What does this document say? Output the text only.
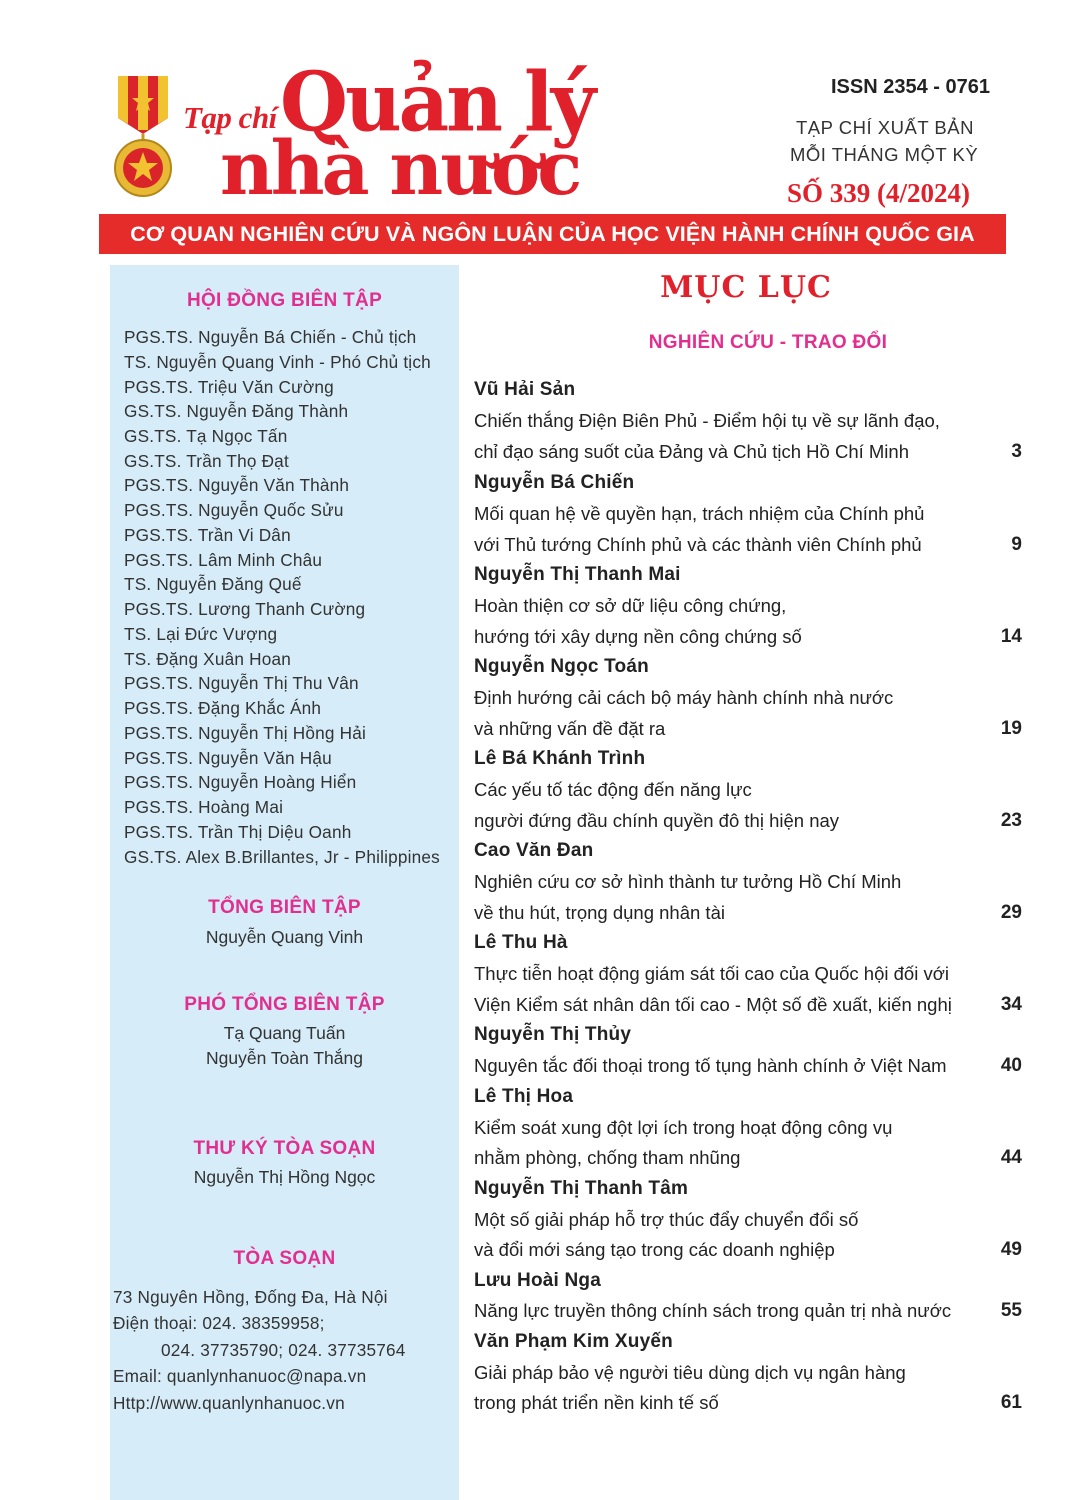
Tạp chí Quản lý
nhà nước
ISSN 2354 - 0761
TẠP CHÍ XUẤT BẢN
MỖI THÁNG MỘT KỲ
SỐ 339 (4/2024)
CƠ QUAN NGHIÊN CỨU VÀ NGÔN LUẬN CỦA HỌC VIỆN HÀNH CHÍNH QUỐC GIA
HỘI ĐỒNG BIÊN TẬP
PGS.TS. Nguyễn Bá Chiến - Chủ tịch
TS. Nguyễn Quang Vinh - Phó Chủ tịch
PGS.TS. Triệu Văn Cường
GS.TS. Nguyễn Đăng Thành
GS.TS. Tạ Ngọc Tấn
GS.TS. Trần Thọ Đạt
PGS.TS. Nguyễn Văn Thành
PGS.TS. Nguyễn Quốc Sửu
PGS.TS. Trần Vi Dân
PGS.TS. Lâm Minh Châu
TS. Nguyễn Đăng Quế
PGS.TS. Lương Thanh Cường
TS. Lại Đức Vượng
TS. Đặng Xuân Hoan
PGS.TS. Nguyễn Thị Thu Vân
PGS.TS. Đặng Khắc Ánh
PGS.TS. Nguyễn Thị Hồng Hải
PGS.TS. Nguyễn Văn Hậu
PGS.TS. Nguyễn Hoàng Hiển
PGS.TS. Hoàng Mai
PGS.TS. Trần Thị Diệu Oanh
GS.TS. Alex B.Brillantes, Jr - Philippines
TỔNG BIÊN TẬP
Nguyễn Quang Vinh
PHÓ TỔNG BIÊN TẬP
Tạ Quang Tuấn
Nguyễn Toàn Thắng
THƯ KÝ TÒA SOẠN
Nguyễn Thị Hồng Ngọc
TÒA SOẠN
73 Nguyên Hồng, Đống Đa, Hà Nội
Điện thoại: 024. 38359958;
024. 37735790; 024. 37735764
Email: quanlynhanuoc@napa.vn
Http://www.quanlynhanuoc.vn
MỤC LỤC
NGHIÊN CỨU - TRAO ĐỔI
Vũ Hải Sản
Chiến thắng Điện Biên Phủ - Điểm hội tụ về sự lãnh đạo,
chỉ đạo sáng suốt của Đảng và Chủ tịch Hồ Chí Minh	3
Nguyễn Bá Chiến
Mối quan hệ về quyền hạn, trách nhiệm của Chính phủ
với Thủ tướng Chính phủ và các thành viên Chính phủ	9
Nguyễn Thị Thanh Mai
Hoàn thiện cơ sở dữ liệu công chứng,
hướng tới xây dựng nền công chứng số	14
Nguyễn Ngọc Toán
Định hướng cải cách bộ máy hành chính nhà nước
và những vấn đề đặt ra	19
Lê Bá Khánh Trình
Các yếu tố tác động đến năng lực
người đứng đầu chính quyền đô thị hiện nay	23
Cao Văn Đan
Nghiên cứu cơ sở hình thành tư tưởng Hồ Chí Minh
về thu hút, trọng dụng nhân tài	29
Lê Thu Hà
Thực tiễn hoạt động giám sát tối cao của Quốc hội đối với
Viện Kiểm sát nhân dân tối cao - Một số đề xuất, kiến nghị	34
Nguyễn Thị Thủy
Nguyên tắc đối thoại trong tố tụng hành chính ở Việt Nam	40
Lê Thị Hoa
Kiểm soát xung đột lợi ích trong hoạt động công vụ
nhằm phòng, chống tham nhũng	44
Nguyễn Thị Thanh Tâm
Một số giải pháp hỗ trợ thúc đẩy chuyển đổi số
và đổi mới sáng tạo trong các doanh nghiệp	49
Lưu Hoài Nga
Năng lực truyền thông chính sách trong quản trị nhà nước	55
Văn Phạm Kim Xuyến
Giải pháp bảo vệ người tiêu dùng dịch vụ ngân hàng
trong phát triển nền kinh tế số	61
